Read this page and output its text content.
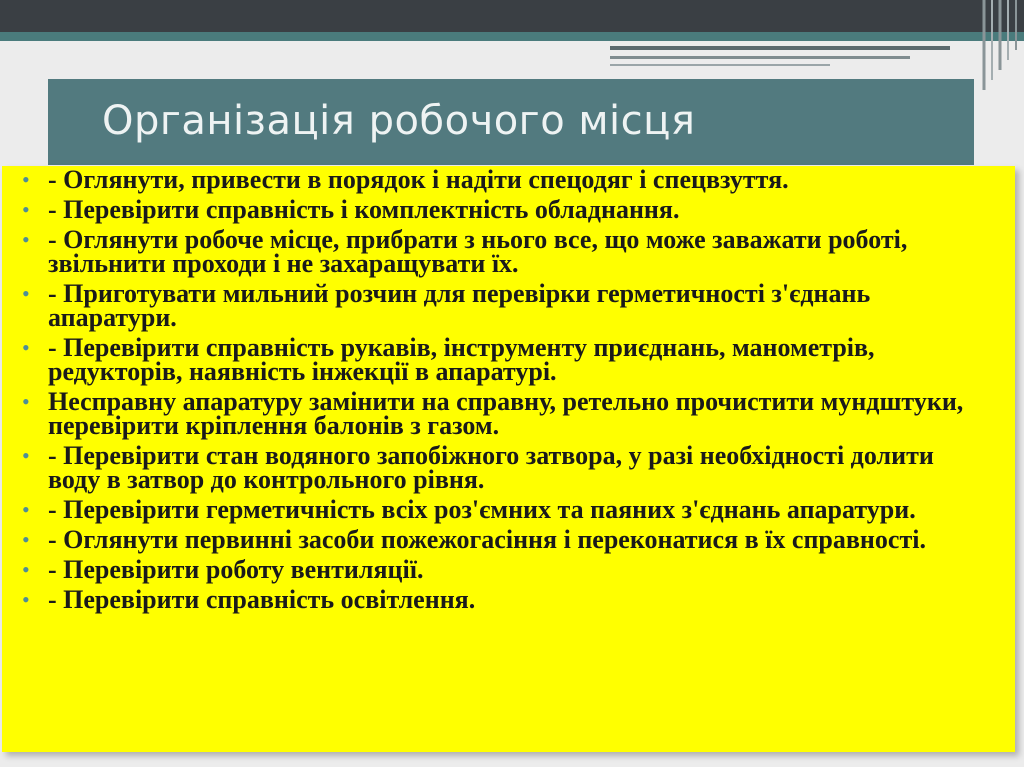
Організація робочого місця
• - Оглянути, привести в порядок і надіти спецодяг і спецвзуття.
• - Перевірити справність і комплектність обладнання.
• - Оглянути робоче місце, прибрати з нього все, що може заважати роботі, звільнити проходи і не захаращувати їх.
• - Приготувати мильний розчин для перевірки герметичності з'єднань апаратури.
• - Перевірити справність рукавів, інструменту приєднань, манометрів, редукторів, наявність інжекції в апаратурі.
• Несправну апаратуру замінити на справну, ретельно прочистити мундштуки, перевірити кріплення балонів з газом.
• - Перевірити стан водяного запобіжного затвора, у разі необхідності долити воду в затвор до контрольного рівня.
• - Перевірити герметичність всіх роз'ємних та паяних з'єднань апаратури.
• - Оглянути первинні засоби пожежогасіння і переконатися в їх справності.
• - Перевірити роботу вентиляції.
• - Перевірити справність освітлення.
